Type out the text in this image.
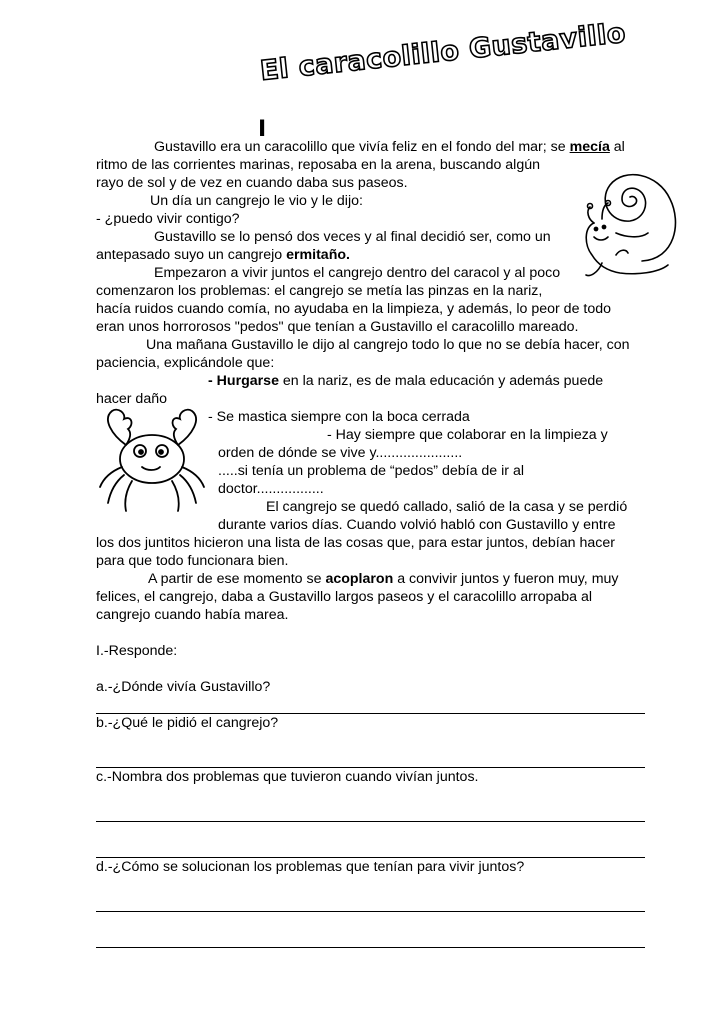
El caracolillo Gustavillo
I
Gustavillo era un caracolillo que vivía feliz en el fondo del mar; se mecía al
ritmo de las corrientes marinas, reposaba en la arena, buscando algún
rayo de sol y de vez en cuando daba sus paseos.
Un día un cangrejo le vio y le dijo:
- ¿puedo vivir contigo?
Gustavillo se lo pensó dos veces y al final decidió ser, como un
antepasado suyo un cangrejo ermitaño.
Empezaron a vivir juntos el cangrejo dentro del caracol y al poco
comenzaron los problemas: el cangrejo se metía las pinzas en la nariz,
hacía ruidos cuando comía, no ayudaba en la limpieza, y además, lo peor de todo
eran unos horrorosos "pedos" que tenían a Gustavillo el caracolillo mareado.
Una mañana Gustavillo le dijo al cangrejo todo lo que no se debía hacer, con
paciencia, explicándole que:
- Hurgarse en la nariz, es de mala educación y además puede
hacer daño
- Se mastica siempre con la boca cerrada
- Hay siempre que colaborar en la limpieza y
orden de dónde se vive y......................
.....si tenía un problema de “pedos” debía de ir al
doctor.................
El cangrejo se quedó callado, salió de la casa y se perdió
durante varios días. Cuando volvió habló con Gustavillo y entre
los dos juntitos hicieron una lista de las cosas que, para estar juntos, debían hacer
para que todo funcionara bien.
A partir de ese momento se acoplaron a convivir juntos y fueron muy, muy
felices, el cangrejo, daba a Gustavillo largos paseos y el caracolillo arropaba al
cangrejo cuando había marea.
I.-Responde:
a.-¿Dónde vivía Gustavillo?
b.-¿Qué le pidió el cangrejo?
c.-Nombra dos problemas que tuvieron cuando vivían juntos.
d.-¿Cómo se solucionan los problemas que tenían para vivir juntos?
